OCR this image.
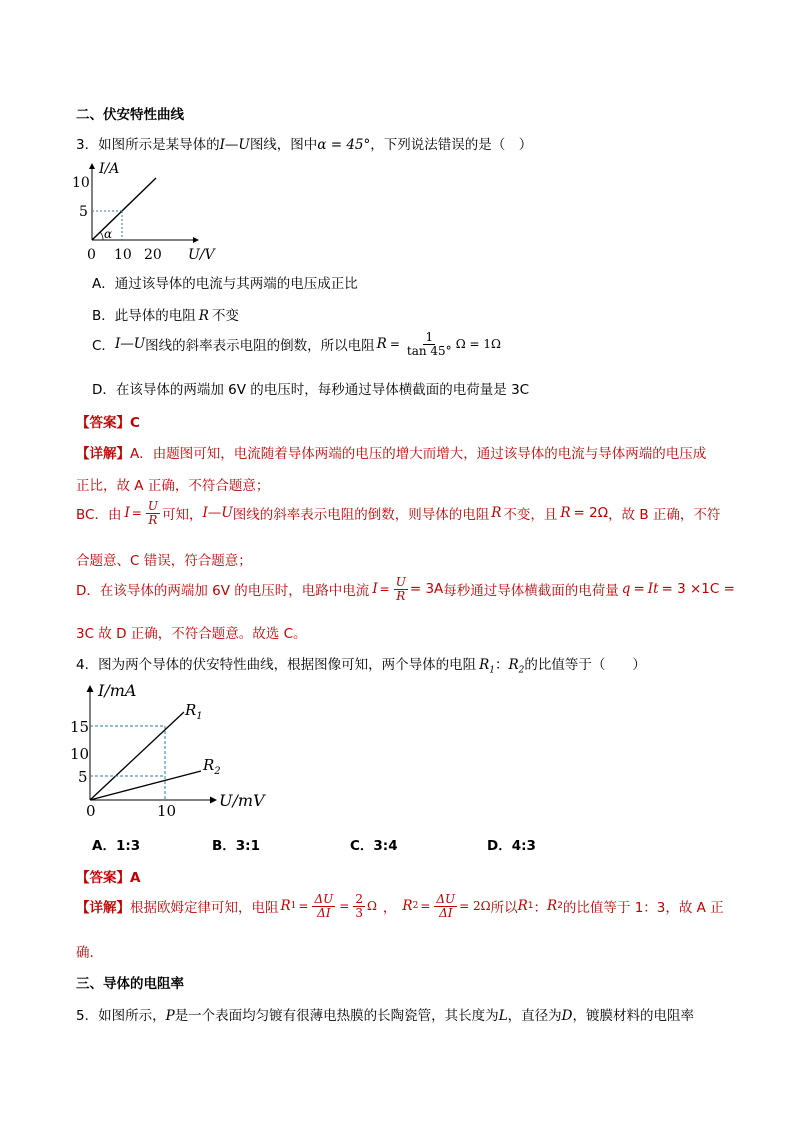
二、伏安特性曲线
3．如图所示是某导体的I—U图线，图中α = 45°，下列说法错误的是（　）
I/A
U/V
10
5
0 10 20
α
A．通过该导体的电流与其两端的电压成正比
B．此导体的电阻 R 不变
C． I—U 图线的斜率表示电阻的倒数，所以电阻 $R = \frac{1}{\tan 45^\circ}$ Ω = 1Ω
D．在该导体的两端加 6V 的电压时，每秒通过导体横截面的电荷量是 3C
【答案】C
【详解】A．由题图可知，电流随着导体两端的电压的增大而增大，通过该导体的电流与导体两端的电压成
正比，故 A 正确，不符合题意；
BC．由 $I = \frac{U}{R}$ 可知， I—U 图线的斜率表示电阻的倒数，则导体的电阻 R 不变，且 R = 2Ω ，故 B 正确，不符
合题意、C 错误，符合题意；
D．在该导体的两端加 6V 的电压时，电路中电流 $I = \frac{U}{R} = 3A$ 每秒通过导体横截面的电荷量 q = It = 3 ×1C =
3C 故 D 正确，不符合题意。故选 C。
4．图为两个导体的伏安特性曲线，根据图像可知，两个导体的电阻 $R_1$：$R_2$的比值等于（　　）
I/mA
U/mV
15
10
5
0	10
$R_1$
$R_2$
A．1:3	B．3:1	C．3:4	D．4:3
【答案】A
【详解】 根据欧姆定律可知，电阻 R $1 = \frac{\Delta U}{\Delta I} = \frac{2}{3}$ Ω ， R $2 = \frac{\Delta U}{\Delta I} = 2\Omega$ 所以 R 1 ： R 2 的比值等于 1：3，故 A 正
确.
三、导体的电阻率
5．如图所示，P是一个表面均匀镀有很薄电热膜的长陶瓷管，其长度为L，直径为D，镀膜材料的电阻率
